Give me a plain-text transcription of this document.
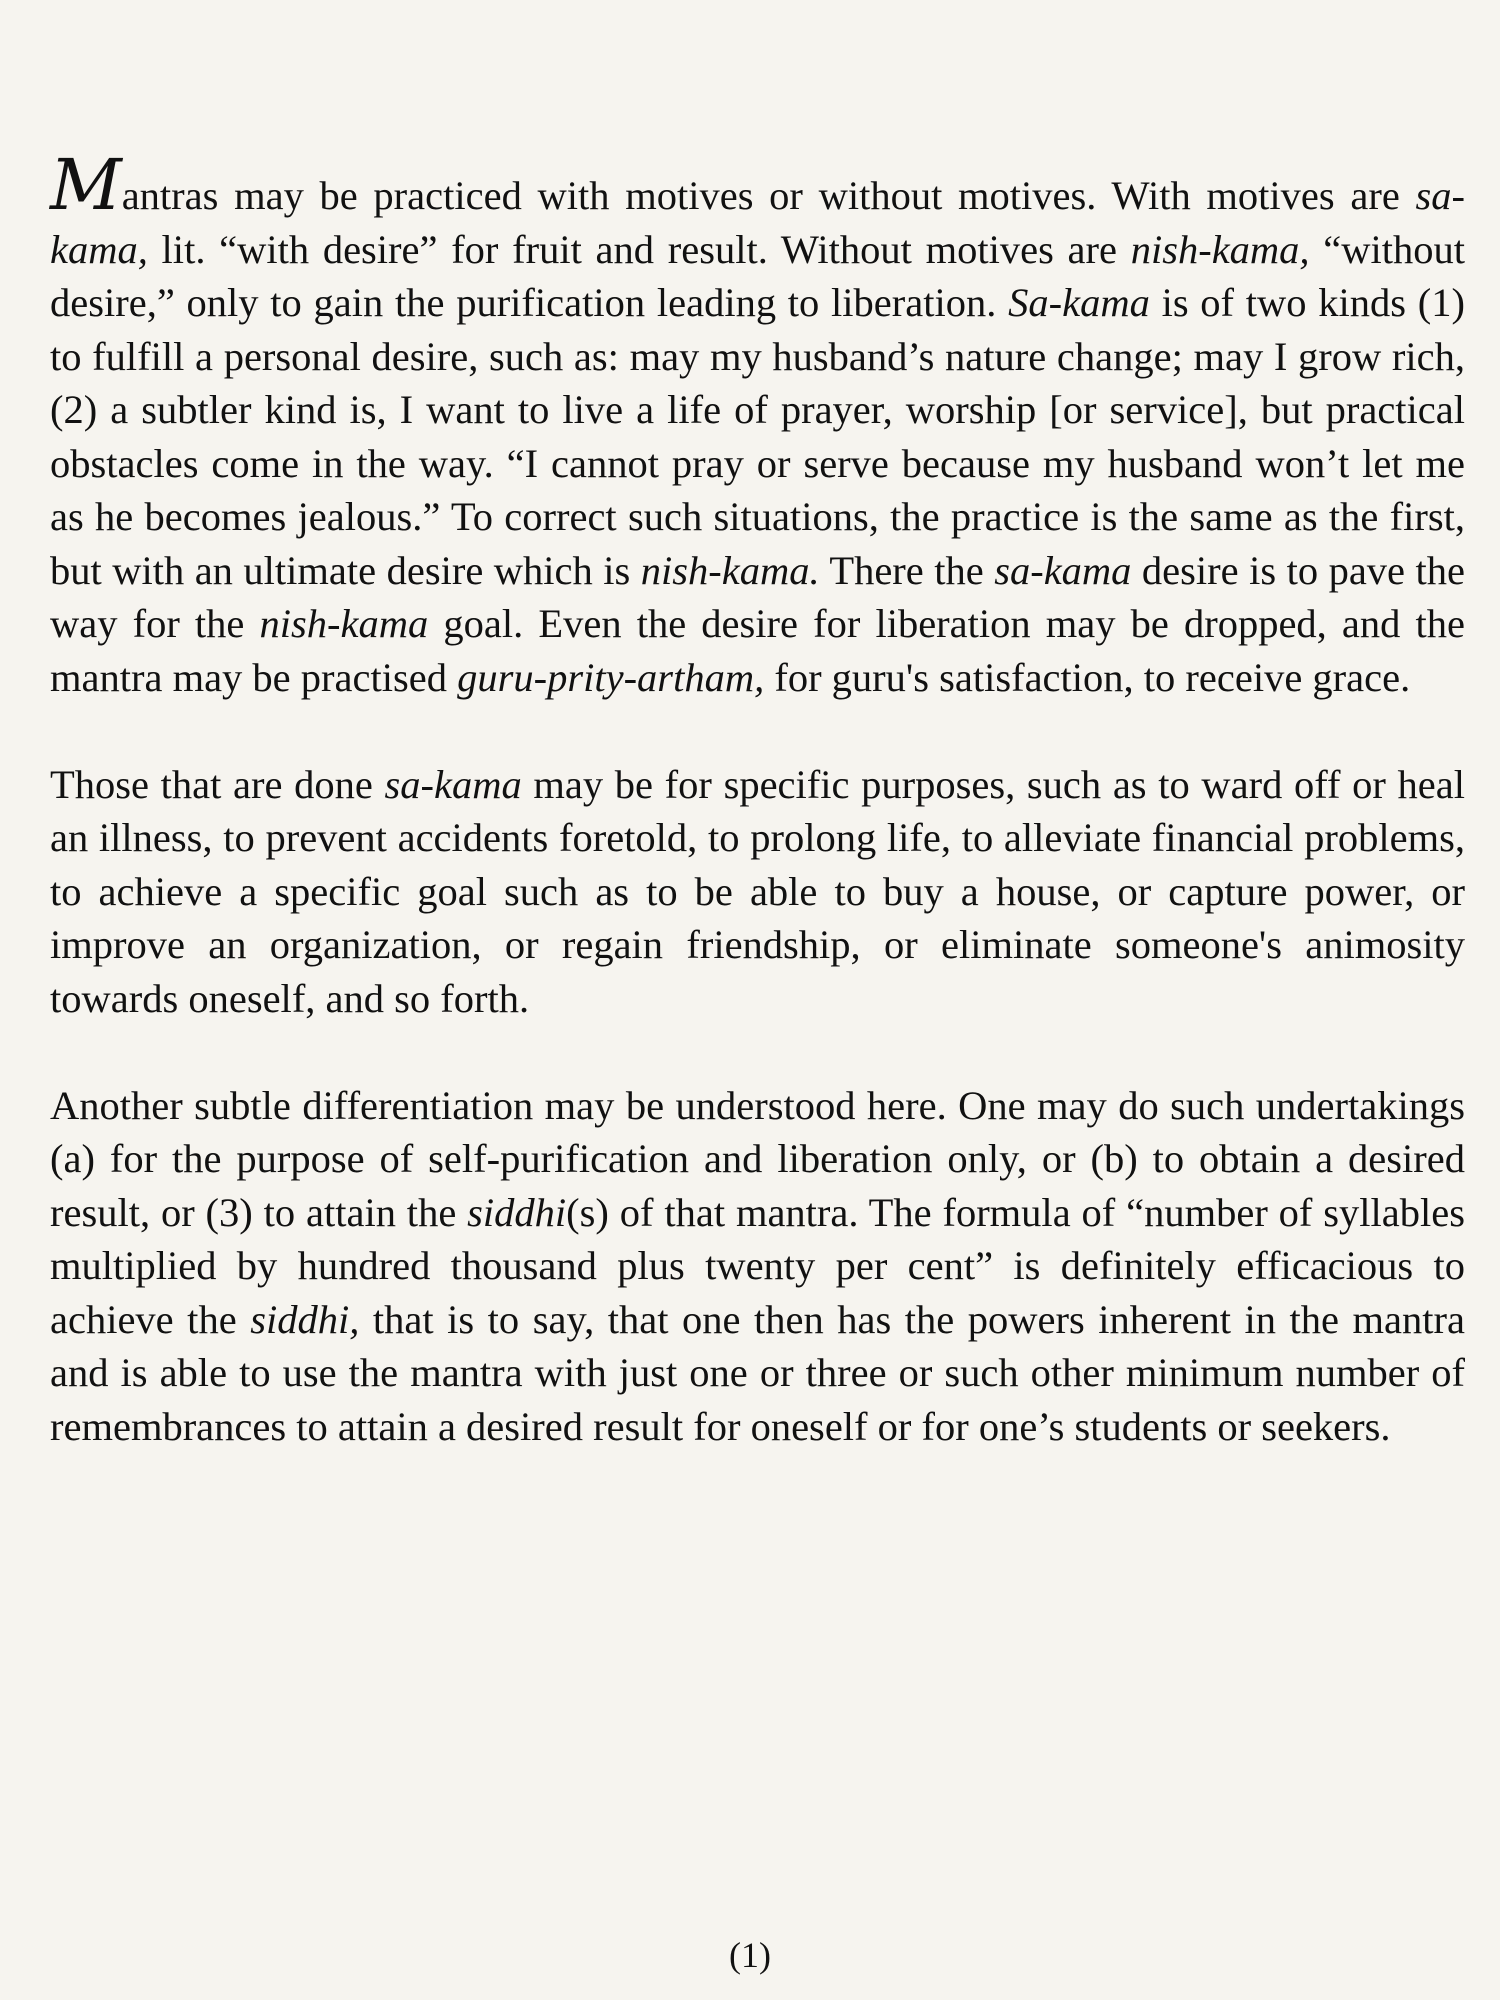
Mantras may be practiced with motives or without motives. With motives are sa-kama, lit. “with desire” for fruit and result. Without motives are nish-kama, “without desire,” only to gain the purification leading to liberation. Sa-kama is of two kinds (1) to fulfill a personal desire, such as: may my husband’s nature change; may I grow rich, (2) a subtler kind is, I want to live a life of prayer, worship [or service], but practical obstacles come in the way. “I cannot pray or serve because my husband won’t let me as he becomes jealous.” To correct such situations, the practice is the same as the first, but with an ultimate desire which is nish-kama. There the sa-kama desire is to pave the way for the nish-kama goal. Even the desire for liberation may be dropped, and the mantra may be practised guru-prity-artham, for guru's satisfaction, to receive grace.

Those that are done sa-kama may be for specific purposes, such as to ward off or heal an illness, to prevent accidents foretold, to prolong life, to alleviate financial problems, to achieve a specific goal such as to be able to buy a house, or capture power, or improve an organization, or regain friendship, or eliminate someone's animosity towards oneself, and so forth.

Another subtle differentiation may be understood here. One may do such undertakings (a) for the purpose of self-purification and liberation only, or (b) to obtain a desired result, or (3) to attain the siddhi(s) of that mantra. The formula of “number of syllables multiplied by hundred thousand plus twenty per cent” is definitely efficacious to achieve the siddhi, that is to say, that one then has the powers inherent in the mantra and is able to use the mantra with just one or three or such other minimum number of remembrances to attain a desired result for oneself or for one’s students or seekers.

(1)
